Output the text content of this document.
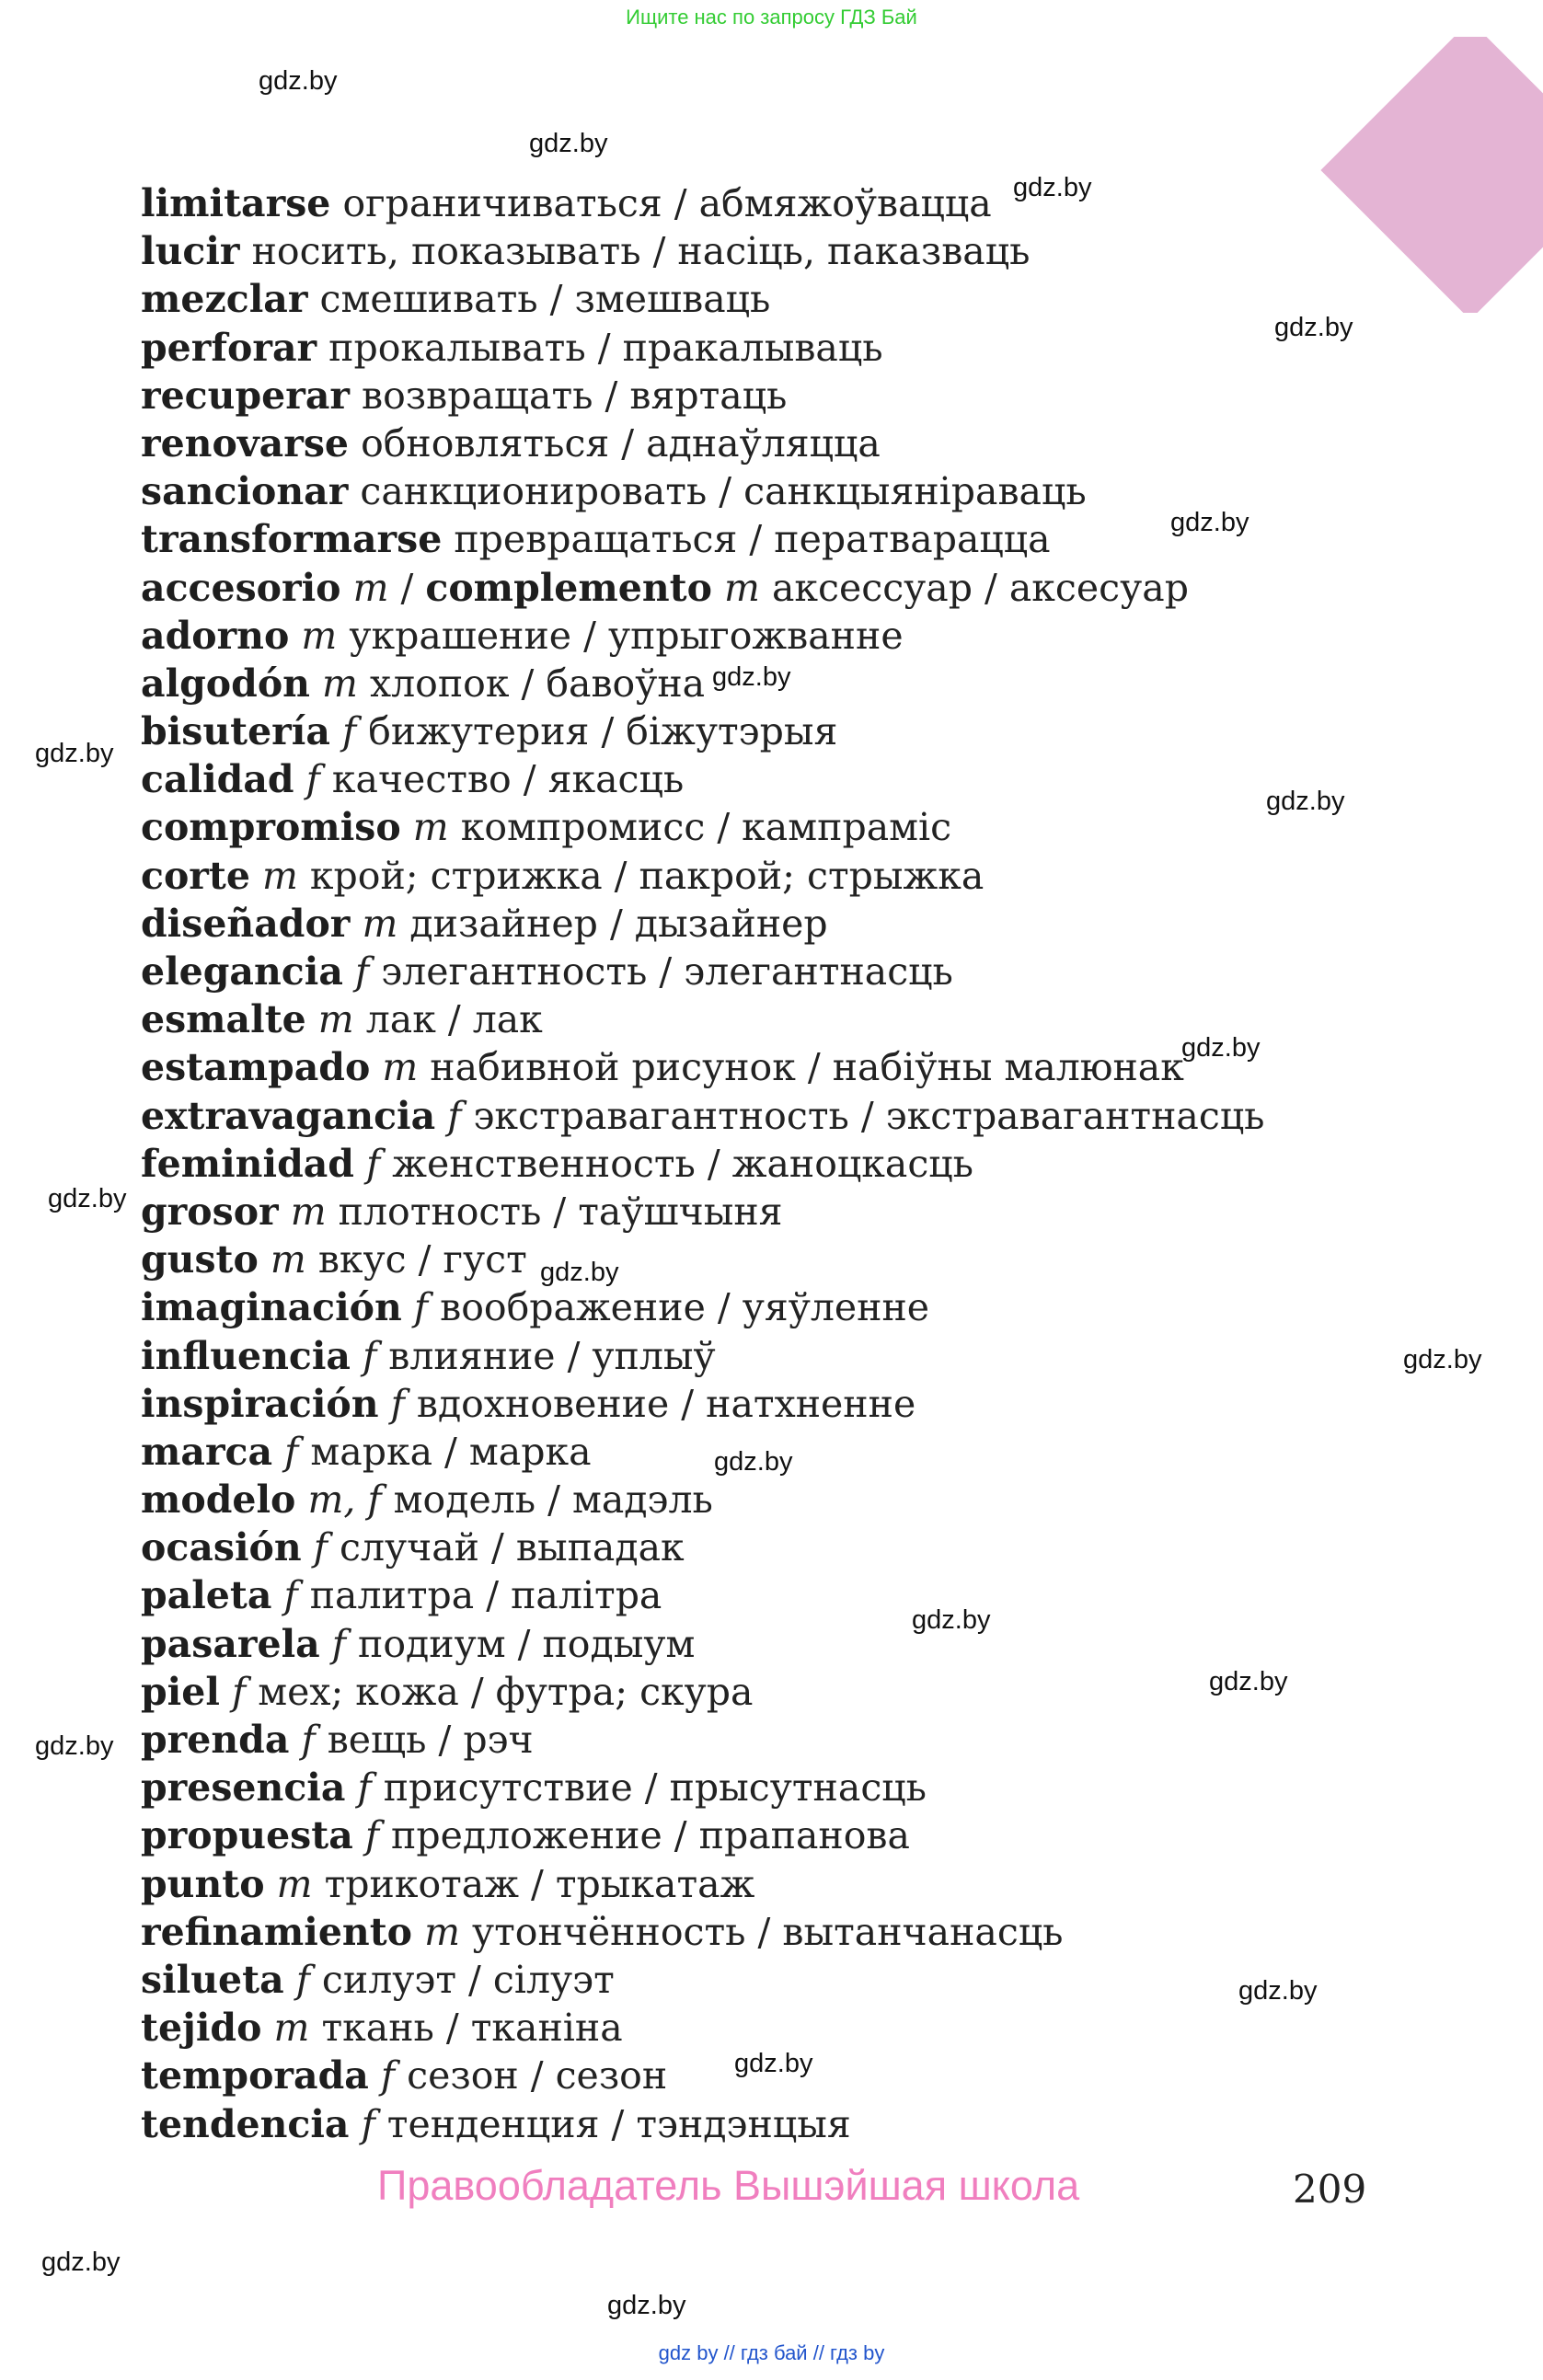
Ищите нас по запросу ГДЗ Бай
limitarse ограничиваться / абмяжоўвацца
lucir носить, показывать / насіць, паказваць
mezclar смешивать / змешваць
perforar прокалывать / пракалываць
recuperar возвращать / вяртаць
renovarse обновляться / аднаўляцца
sancionar санкционировать / санкцыяніраваць
transformarse превращаться / ператварацца
accesorio m / complemento m аксессуар / аксесуар
adorno m украшение / упрыгожванне
algodón m хлопок / бавоўна
bisutería f бижутерия / біжутэрыя
calidad f качество / якасць
compromiso m компромисс / кампраміс
corte m крой; стрижка / пакрой; стрыжка
diseñador m дизайнер / дызайнер
elegancia f элегантность / элегантнасць
esmalte m лак / лак
estampado m набивной рисунок / набіўны малюнак
extravagancia f экстравагантность / экстравагантнасць
feminidad f женственность / жаноцкасць
grosor m плотность / таўшчыня
gusto m вкус / густ
imaginación f воображение / уяўленне
influencia f влияние / уплыў
inspiración f вдохновение / натхненне
marca f марка / марка
modelo m, f модель / мадэль
ocasión f случай / выпадак
paleta f палитра / палітра
pasarela f подиум / подыум
piel f мех; кожа / футра; скура
prenda f вещь / рэч
presencia f присутствие / прысутнасць
propuesta f предложение / прапанова
punto m трикотаж / трыкатаж
refinamiento m утончённость / вытанчанасць
silueta f силуэт / сілуэт
tejido m ткань / тканіна
temporada f сезон / сезон
tendencia f тенденция / тэндэнцыя
gdz.by
gdz.by
gdz.by
gdz.by
gdz.by
gdz.by
gdz.by
gdz.by
gdz.by
gdz.by
gdz.by
gdz.by
gdz.by
gdz.by
gdz.by
gdz.by
gdz.by
gdz.by
gdz.by
gdz.by
Правообладатель Вышэйшая школа	209
gdz by // гдз бай // гдз by
